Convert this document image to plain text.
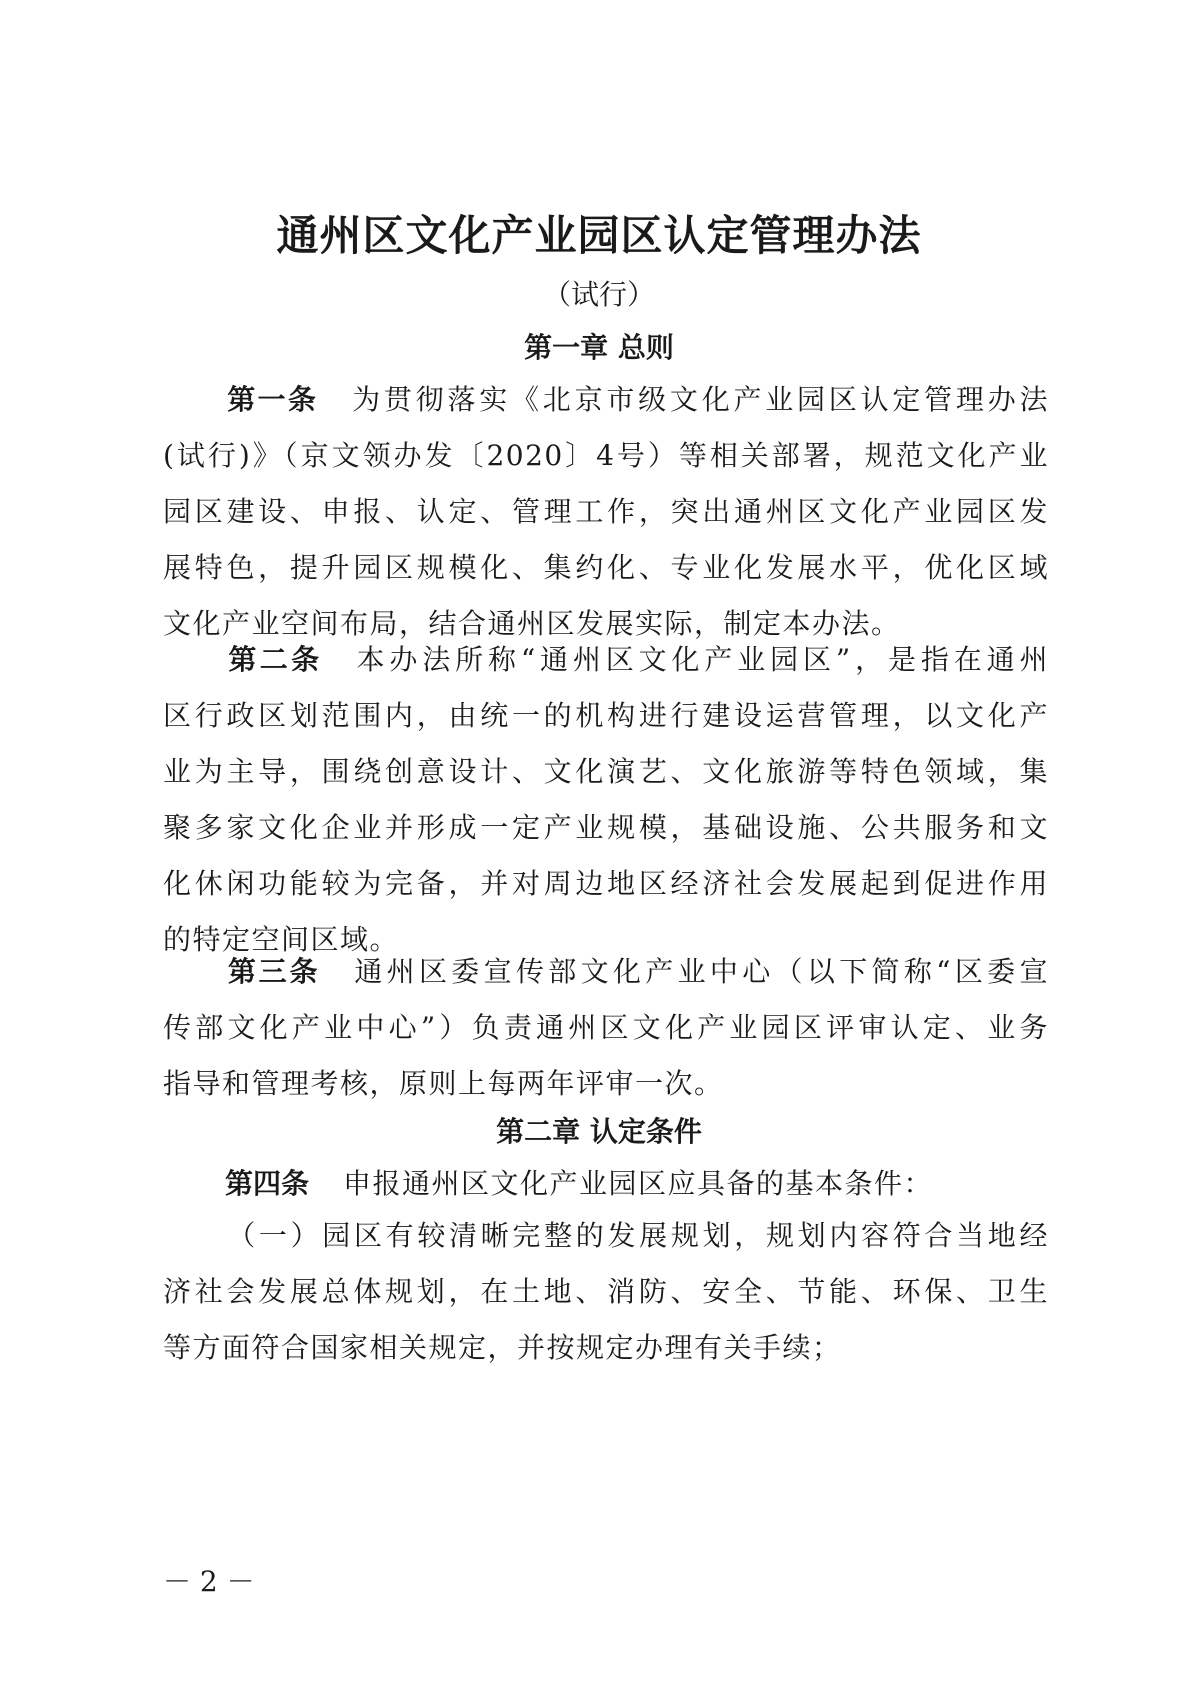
通州区文化产业园区认定管理办法
（试行）
第一章 总则
第一条 为贯彻落实《北京市级文化产业园区认定管理办法
(试行)》（京文领办发〔2020〕4号）等相关部署，规范文化产业
园区建设、申报、认定、管理工作，突出通州区文化产业园区发
展特色，提升园区规模化、集约化、专业化发展水平，优化区域
文化产业空间布局，结合通州区发展实际，制定本办法。
第二条 本办法所称“通州区文化产业园区”，是指在通州
区行政区划范围内，由统一的机构进行建设运营管理，以文化产
业为主导，围绕创意设计、文化演艺、文化旅游等特色领域，集
聚多家文化企业并形成一定产业规模，基础设施、公共服务和文
化休闲功能较为完备，并对周边地区经济社会发展起到促进作用
的特定空间区域。
第三条 通州区委宣传部文化产业中心（以下简称“区委宣
传部文化产业中心”）负责通州区文化产业园区评审认定、业务
指导和管理考核，原则上每两年评审一次。
第二章 认定条件
第四条 申报通州区文化产业园区应具备的基本条件：
（一）园区有较清晰完整的发展规划，规划内容符合当地经
济社会发展总体规划，在土地、消防、安全、节能、环保、卫生
等方面符合国家相关规定，并按规定办理有关手续；
－ 2 －
